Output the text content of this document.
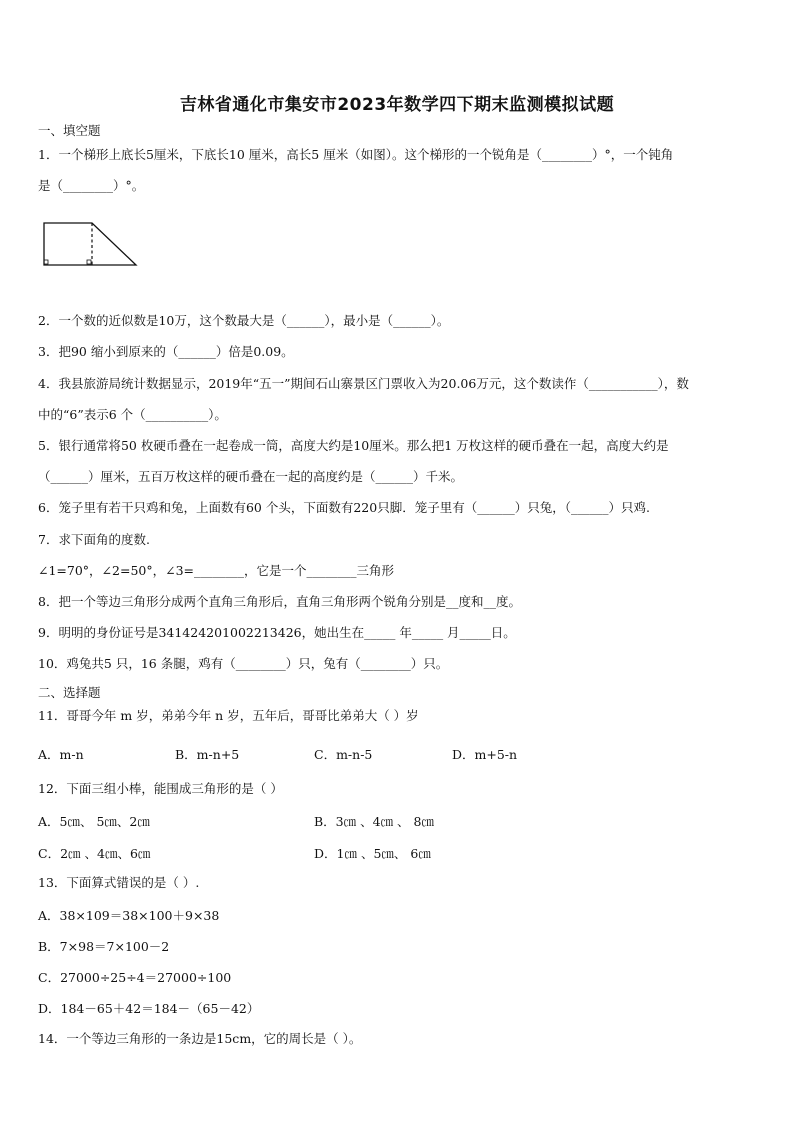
吉林省通化市集安市2023年数学四下期末监测模拟试题
一、填空题
1．一个梯形上底长5厘米，下底长10 厘米，高长5 厘米（如图）。这个梯形的一个锐角是（________）°，一个钝角
是（________）°。
2．一个数的近似数是10万，这个数最大是（______），最小是（______）。
3．把90 缩小到原来的（______）倍是0.09。
4．我县旅游局统计数据显示，2019年“五一”期间石山寨景区门票收入为20.06万元，这个数读作（___________），数
中的“6”表示6 个（__________）。
5．银行通常将50 枚硬币叠在一起卷成一筒，高度大约是10厘米。那么把1 万枚这样的硬币叠在一起，高度大约是
（______）厘米，五百万枚这样的硬币叠在一起的高度约是（______）千米。
6．笼子里有若干只鸡和兔，上面数有60 个头，下面数有220只脚．笼子里有（______）只兔，（______）只鸡.
7．求下面角的度数.
∠1=70°，∠2=50°，∠3=________，它是一个________三角形
8．把一个等边三角形分成两个直角三角形后，直角三角形两个锐角分别是__度和__度。
9．明明的身份证号是341424201002213426，她出生在_____ 年_____ 月_____日。
10．鸡兔共5 只，16 条腿，鸡有（________）只，兔有（________）只。
二、选择题
11．哥哥今年 m 岁，弟弟今年 n 岁，五年后，哥哥比弟弟大（ ）岁
A．m-n	B．m-n+5	C．m-n-5	D．m+5-n
12．下面三组小棒，能围成三角形的是（ ）
A．5㎝、 5㎝、2㎝	B．3㎝ 、4㎝ 、 8㎝
C．2㎝ 、4㎝、6㎝	D．1㎝ 、5㎝、 6㎝
13．下面算式错误的是（ ）.
A．38×109＝38×100＋9×38
B．7×98＝7×100－2
C．27000÷25÷4＝27000÷100
D．184－65＋42＝184－（65－42）
14．一个等边三角形的一条边是15cm，它的周长是（ ）。
